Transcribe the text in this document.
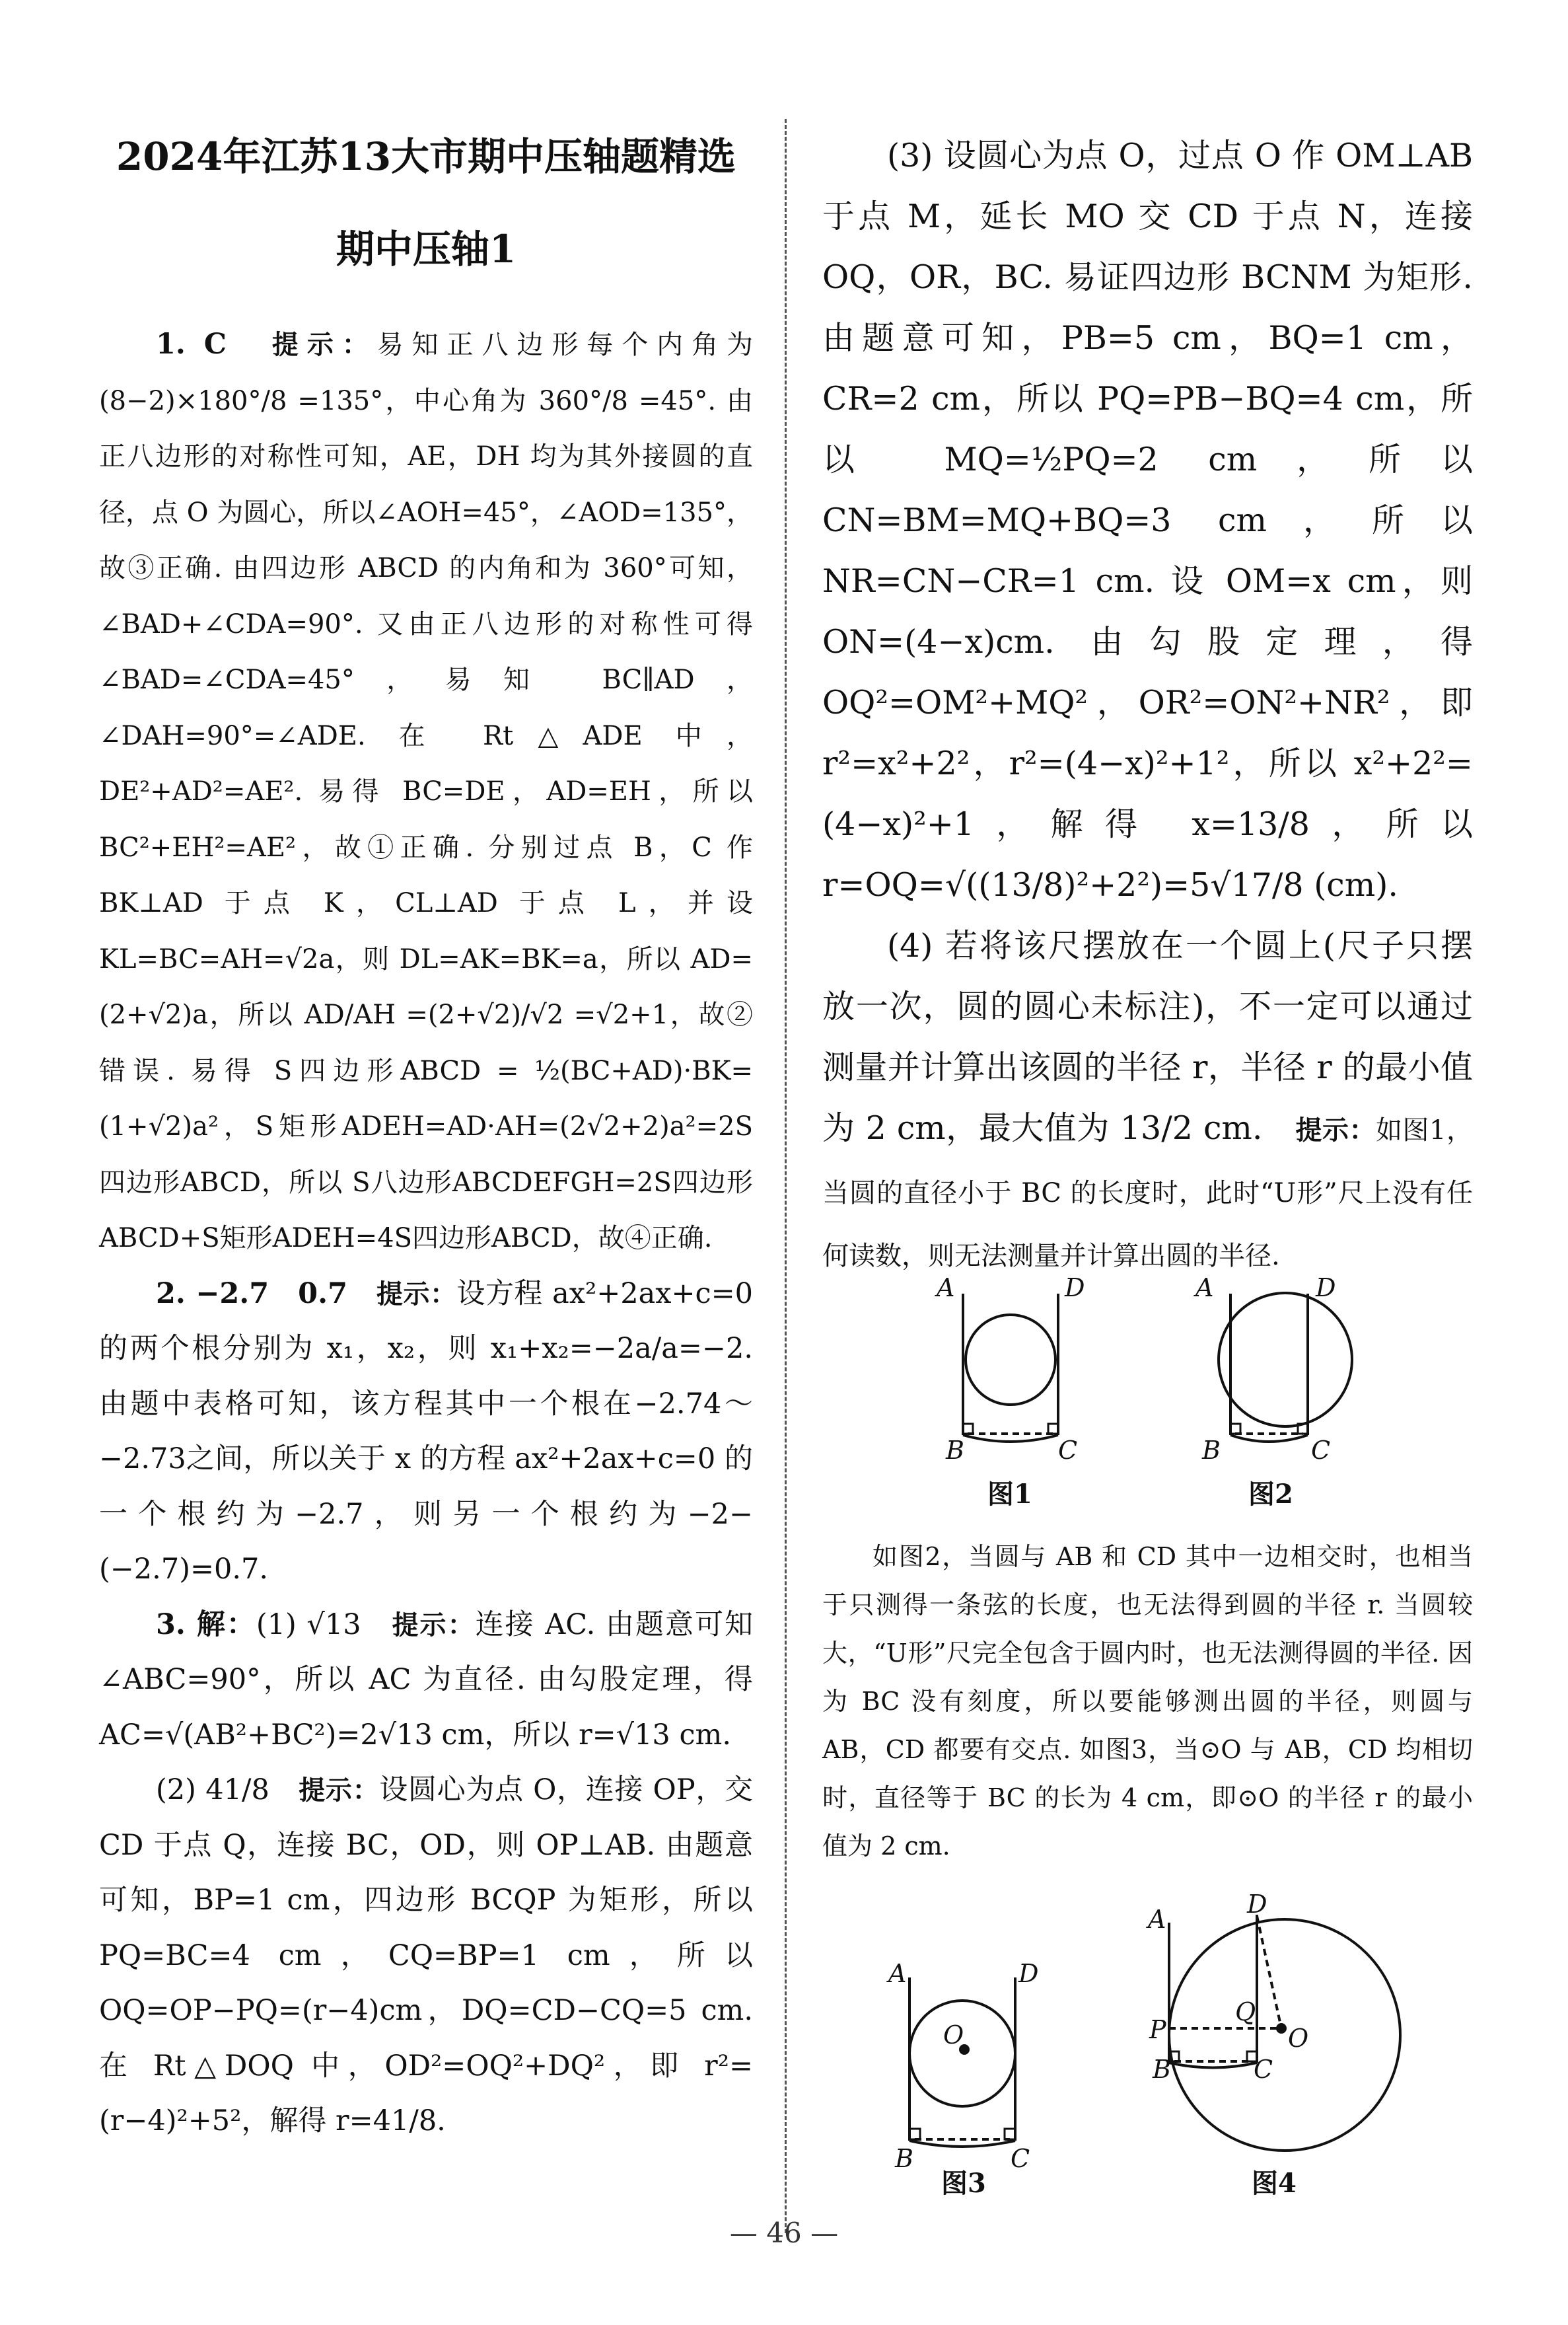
2024年江苏13大市期中压轴题精选
期中压轴1

1. C　 提示：易知正八边形每个内角为 (8−2)×180°/8 =135°，中心角为 360°/8 =45°. 由正八边形的对称性可知，AE，DH 均为其外接圆的直径，点 O 为圆心，所以∠AOH=45°，∠AOD=135°，故③正确. 由四边形 ABCD 的内角和为 360°可知，∠BAD+∠CDA=90°. 又由正八边形的对称性可得∠BAD=∠CDA=45°，易知 BC∥AD，∠DAH=90°=∠ADE. 在 Rt△ADE 中，DE²+AD²=AE². 易得 BC=DE，AD=EH，所以 BC²+EH²=AE²，故①正确. 分别过点 B，C 作 BK⊥AD 于点 K，CL⊥AD 于点 L，并设 KL=BC=AH=√2a，则 DL=AK=BK=a，所以 AD=(2+√2)a，所以 AD/AH =(2+√2)/√2 =√2+1，故②错误. 易得 S四边形ABCD = ½(BC+AD)·BK=(1+√2)a²，S矩形ADEH=AD·AH=(2√2+2)a²=2S四边形ABCD，所以 S八边形ABCDEFGH=2S四边形ABCD+S矩形ADEH=4S四边形ABCD，故④正确.

2. −2.7　0.7　 提示：设方程 ax²+2ax+c=0 的两个根分别为 x₁，x₂，则 x₁+x₂=−2a/a=−2. 由题中表格可知，该方程其中一个根在−2.74～−2.73之间，所以关于 x 的方程 ax²+2ax+c=0 的一个根约为−2.7，则另一个根约为−2−(−2.7)=0.7.

3. 解：(1) √13　 提示：连接 AC. 由题意可知∠ABC=90°，所以 AC 为直径. 由勾股定理，得 AC=√(AB²+BC²)=2√13 cm，所以 r=√13 cm.

(2) 41/8　 提示：设圆心为点 O，连接 OP，交 CD 于点 Q，连接 BC，OD，则 OP⊥AB. 由题意可知，BP=1 cm，四边形 BCQP 为矩形，所以 PQ=BC=4 cm，CQ=BP=1 cm，所以 OQ=OP−PQ=(r−4)cm，DQ=CD−CQ=5 cm. 在 Rt△DOQ 中，OD²=OQ²+DQ²，即 r²=(r−4)²+5²，解得 r=41/8.

(3) 设圆心为点 O，过点 O 作 OM⊥AB 于点 M，延长 MO 交 CD 于点 N，连接 OQ，OR，BC. 易证四边形 BCNM 为矩形. 由题意可知，PB=5 cm，BQ=1 cm，CR=2 cm，所以 PQ=PB−BQ=4 cm，所以 MQ=½PQ=2 cm，所以 CN=BM=MQ+BQ=3 cm，所以 NR=CN−CR=1 cm. 设 OM=x cm，则 ON=(4−x)cm. 由勾股定理，得 OQ²=OM²+MQ²，OR²=ON²+NR²，即 r²=x²+2²，r²=(4−x)²+1²，所以 x²+2²=(4−x)²+1，解得 x=13/8，所以 r=OQ=√((13/8)²+2²)=5√17/8 (cm).

(4) 若将该尺摆放在一个圆上(尺子只摆放一次，圆的圆心未标注)，不一定可以通过测量并计算出该圆的半径 r，半径 r 的最小值为 2 cm，最大值为 13/2 cm.　 提示：如图1，当圆的直径小于 BC 的长度时，此时“U形”尺上没有任何读数，则无法测量并计算出圆的半径.

如图2，当圆与 AB 和 CD 其中一边相交时，也相当于只测得一条弦的长度，也无法得到圆的半径 r. 当圆较大，“U形”尺完全包含于圆内时，也无法测得圆的半径. 因为 BC 没有刻度，所以要能够测出圆的半径，则圆与 AB，CD 都要有交点. 如图3，当⊙O 与 AB，CD 均相切时，直径等于 BC 的长为 4 cm，即⊙O 的半径 r 的最小值为 2 cm.

A	D
B	C
图1
A	D
B	C
图2
A	D
O
B	C
图3
A
D
Q
P	O
B	C
图4
— 46 —
